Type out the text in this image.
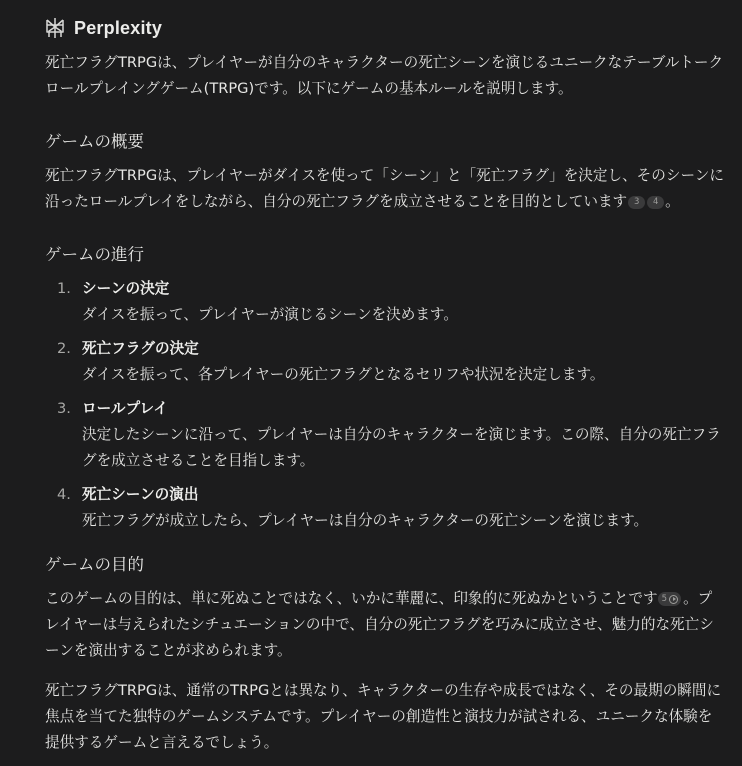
Perplexity

死亡フラグTRPGは、プレイヤーが自分のキャラクターの死亡シーンを演じるユニークなテーブルトークロールプレイングゲーム(TRPG)です。以下にゲームの基本ルールを説明します。

ゲームの概要

死亡フラグTRPGは、プレイヤーがダイスを使って「シーン」と「死亡フラグ」を決定し、そのシーンに沿ったロールプレイをしながら、自分の死亡フラグを成立させることを目的としています 3 4 。

ゲームの進行
1. シーンの決定
ダイスを振って、プレイヤーが演じるシーンを決めます。
2. 死亡フラグの決定
ダイスを振って、各プレイヤーの死亡フラグとなるセリフや状況を決定します。
3. ロールプレイ
決定したシーンに沿って、プレイヤーは自分のキャラクターを演じます。この際、自分の死亡フラグを成立させることを目指します。
4. 死亡シーンの演出
死亡フラグが成立したら、プレイヤーは自分のキャラクターの死亡シーンを演じます。
ゲームの目的

このゲームの目的は、単に死ぬことではなく、いかに華麗に、印象的に死ぬかということです 5 。プレイヤーは与えられたシチュエーションの中で、自分の死亡フラグを巧みに成立させ、魅力的な死亡シーンを演出することが求められます。

死亡フラグTRPGは、通常のTRPGとは異なり、キャラクターの生存や成長ではなく、その最期の瞬間に焦点を当てた独特のゲームシステムです。プレイヤーの創造性と演技力が試される、ユニークな体験を提供するゲームと言えるでしょう。
